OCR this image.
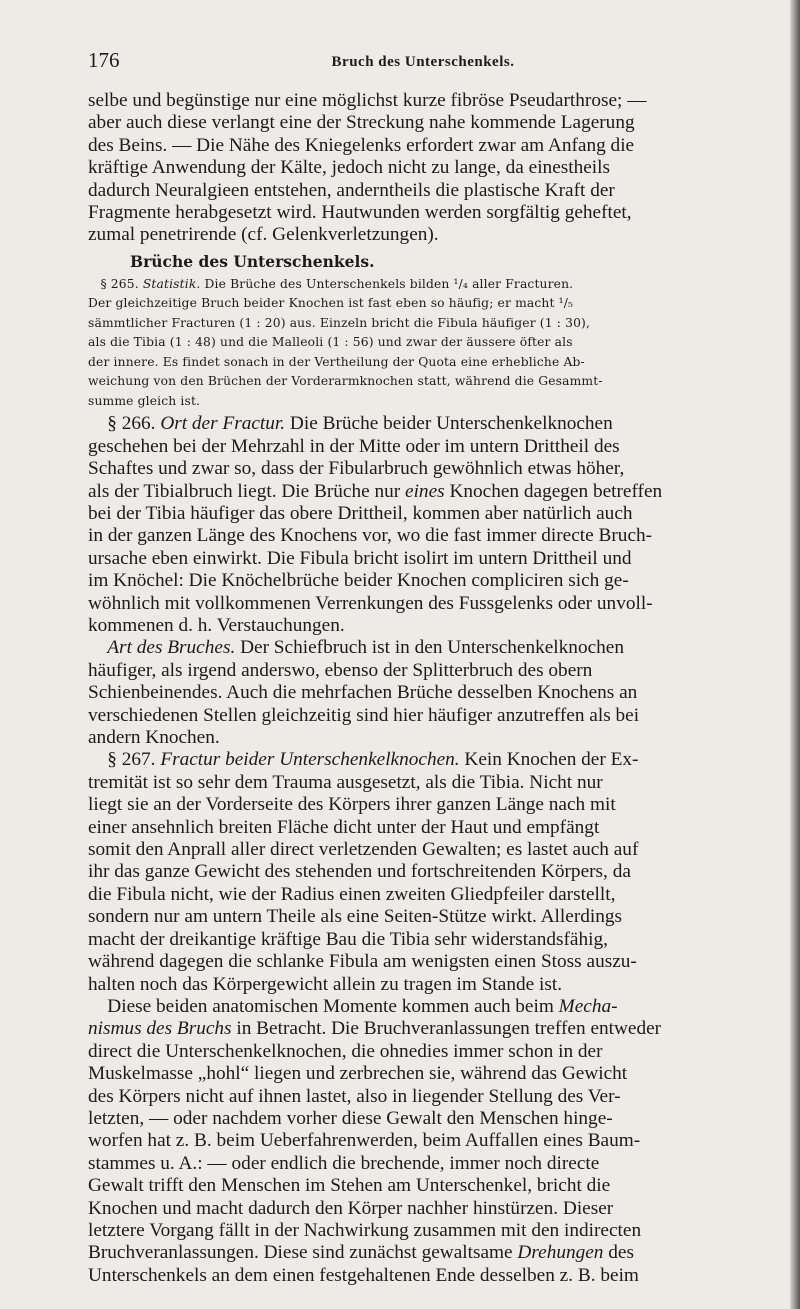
176	Bruch des Unterschenkels.
selbe und begünstige nur eine möglichst kurze fibröse Pseudarthrose; —
aber auch diese verlangt eine der Streckung nahe kommende Lagerung
des Beins. — Die Nähe des Kniegelenks erfordert zwar am Anfang die
kräftige Anwendung der Kälte, jedoch nicht zu lange, da einestheils
dadurch Neuralgieen entstehen, anderntheils die plastische Kraft der
Fragmente herabgesetzt wird. Hautwunden werden sorgfältig geheftet,
zumal penetrirende (cf. Gelenkverletzungen).
Brüche des Unterschenkels.
 § 265. Statistik. Die Brüche des Unterschenkels bilden ¹/₄ aller Fracturen.
Der gleichzeitige Bruch beider Knochen ist fast eben so häufig; er macht ¹/₅
sämmtlicher Fracturen (1 : 20) aus. Einzeln bricht die Fibula häufiger (1 : 30),
als die Tibia (1 : 48) und die Malleoli (1 : 56) und zwar der äussere öfter als
der innere. Es findet sonach in der Vertheilung der Quota eine erhebliche Ab-
weichung von den Brüchen der Vorderarmknochen statt, während die Gesammt-
summe gleich ist.
 § 266. Ort der Fractur. Die Brüche beider Unterschenkelknochen
geschehen bei der Mehrzahl in der Mitte oder im untern Drittheil des
Schaftes und zwar so, dass der Fibularbruch gewöhnlich etwas höher,
als der Tibialbruch liegt. Die Brüche nur eines Knochen dagegen betreffen
bei der Tibia häufiger das obere Drittheil, kommen aber natürlich auch
in der ganzen Länge des Knochens vor, wo die fast immer directe Bruch-
ursache eben einwirkt. Die Fibula bricht isolirt im untern Drittheil und
im Knöchel: Die Knöchelbrüche beider Knochen compliciren sich ge-
wöhnlich mit vollkommenen Verrenkungen des Fussgelenks oder unvoll-
kommenen d. h. Verstauchungen.
 Art des Bruches. Der Schiefbruch ist in den Unterschenkelknochen
häufiger, als irgend anderswo, ebenso der Splitterbruch des obern
Schienbeinendes. Auch die mehrfachen Brüche desselben Knochens an
verschiedenen Stellen gleichzeitig sind hier häufiger anzutreffen als bei
andern Knochen.
 § 267. Fractur beider Unterschenkelknochen. Kein Knochen der Ex-
tremität ist so sehr dem Trauma ausgesetzt, als die Tibia. Nicht nur
liegt sie an der Vorderseite des Körpers ihrer ganzen Länge nach mit
einer ansehnlich breiten Fläche dicht unter der Haut und empfängt
somit den Anprall aller direct verletzenden Gewalten; es lastet auch auf
ihr das ganze Gewicht des stehenden und fortschreitenden Körpers, da
die Fibula nicht, wie der Radius einen zweiten Gliedpfeiler darstellt,
sondern nur am untern Theile als eine Seiten-Stütze wirkt. Allerdings
macht der dreikantige kräftige Bau die Tibia sehr widerstandsfähig,
während dagegen die schlanke Fibula am wenigsten einen Stoss auszu-
halten noch das Körpergewicht allein zu tragen im Stande ist.
 Diese beiden anatomischen Momente kommen auch beim Mecha-
nismus des Bruchs in Betracht. Die Bruchveranlassungen treffen entweder
direct die Unterschenkelknochen, die ohnedies immer schon in der
Muskelmasse „hohl“ liegen und zerbrechen sie, während das Gewicht
des Körpers nicht auf ihnen lastet, also in liegender Stellung des Ver-
letzten, — oder nachdem vorher diese Gewalt den Menschen hinge-
worfen hat z. B. beim Ueberfahrenwerden, beim Auffallen eines Baum-
stammes u. A.: — oder endlich die brechende, immer noch directe
Gewalt trifft den Menschen im Stehen am Unterschenkel, bricht die
Knochen und macht dadurch den Körper nachher hinstürzen. Dieser
letztere Vorgang fällt in der Nachwirkung zusammen mit den indirecten
Bruchveranlassungen. Diese sind zunächst gewaltsame Drehungen des
Unterschenkels an dem einen festgehaltenen Ende desselben z. B. beim
